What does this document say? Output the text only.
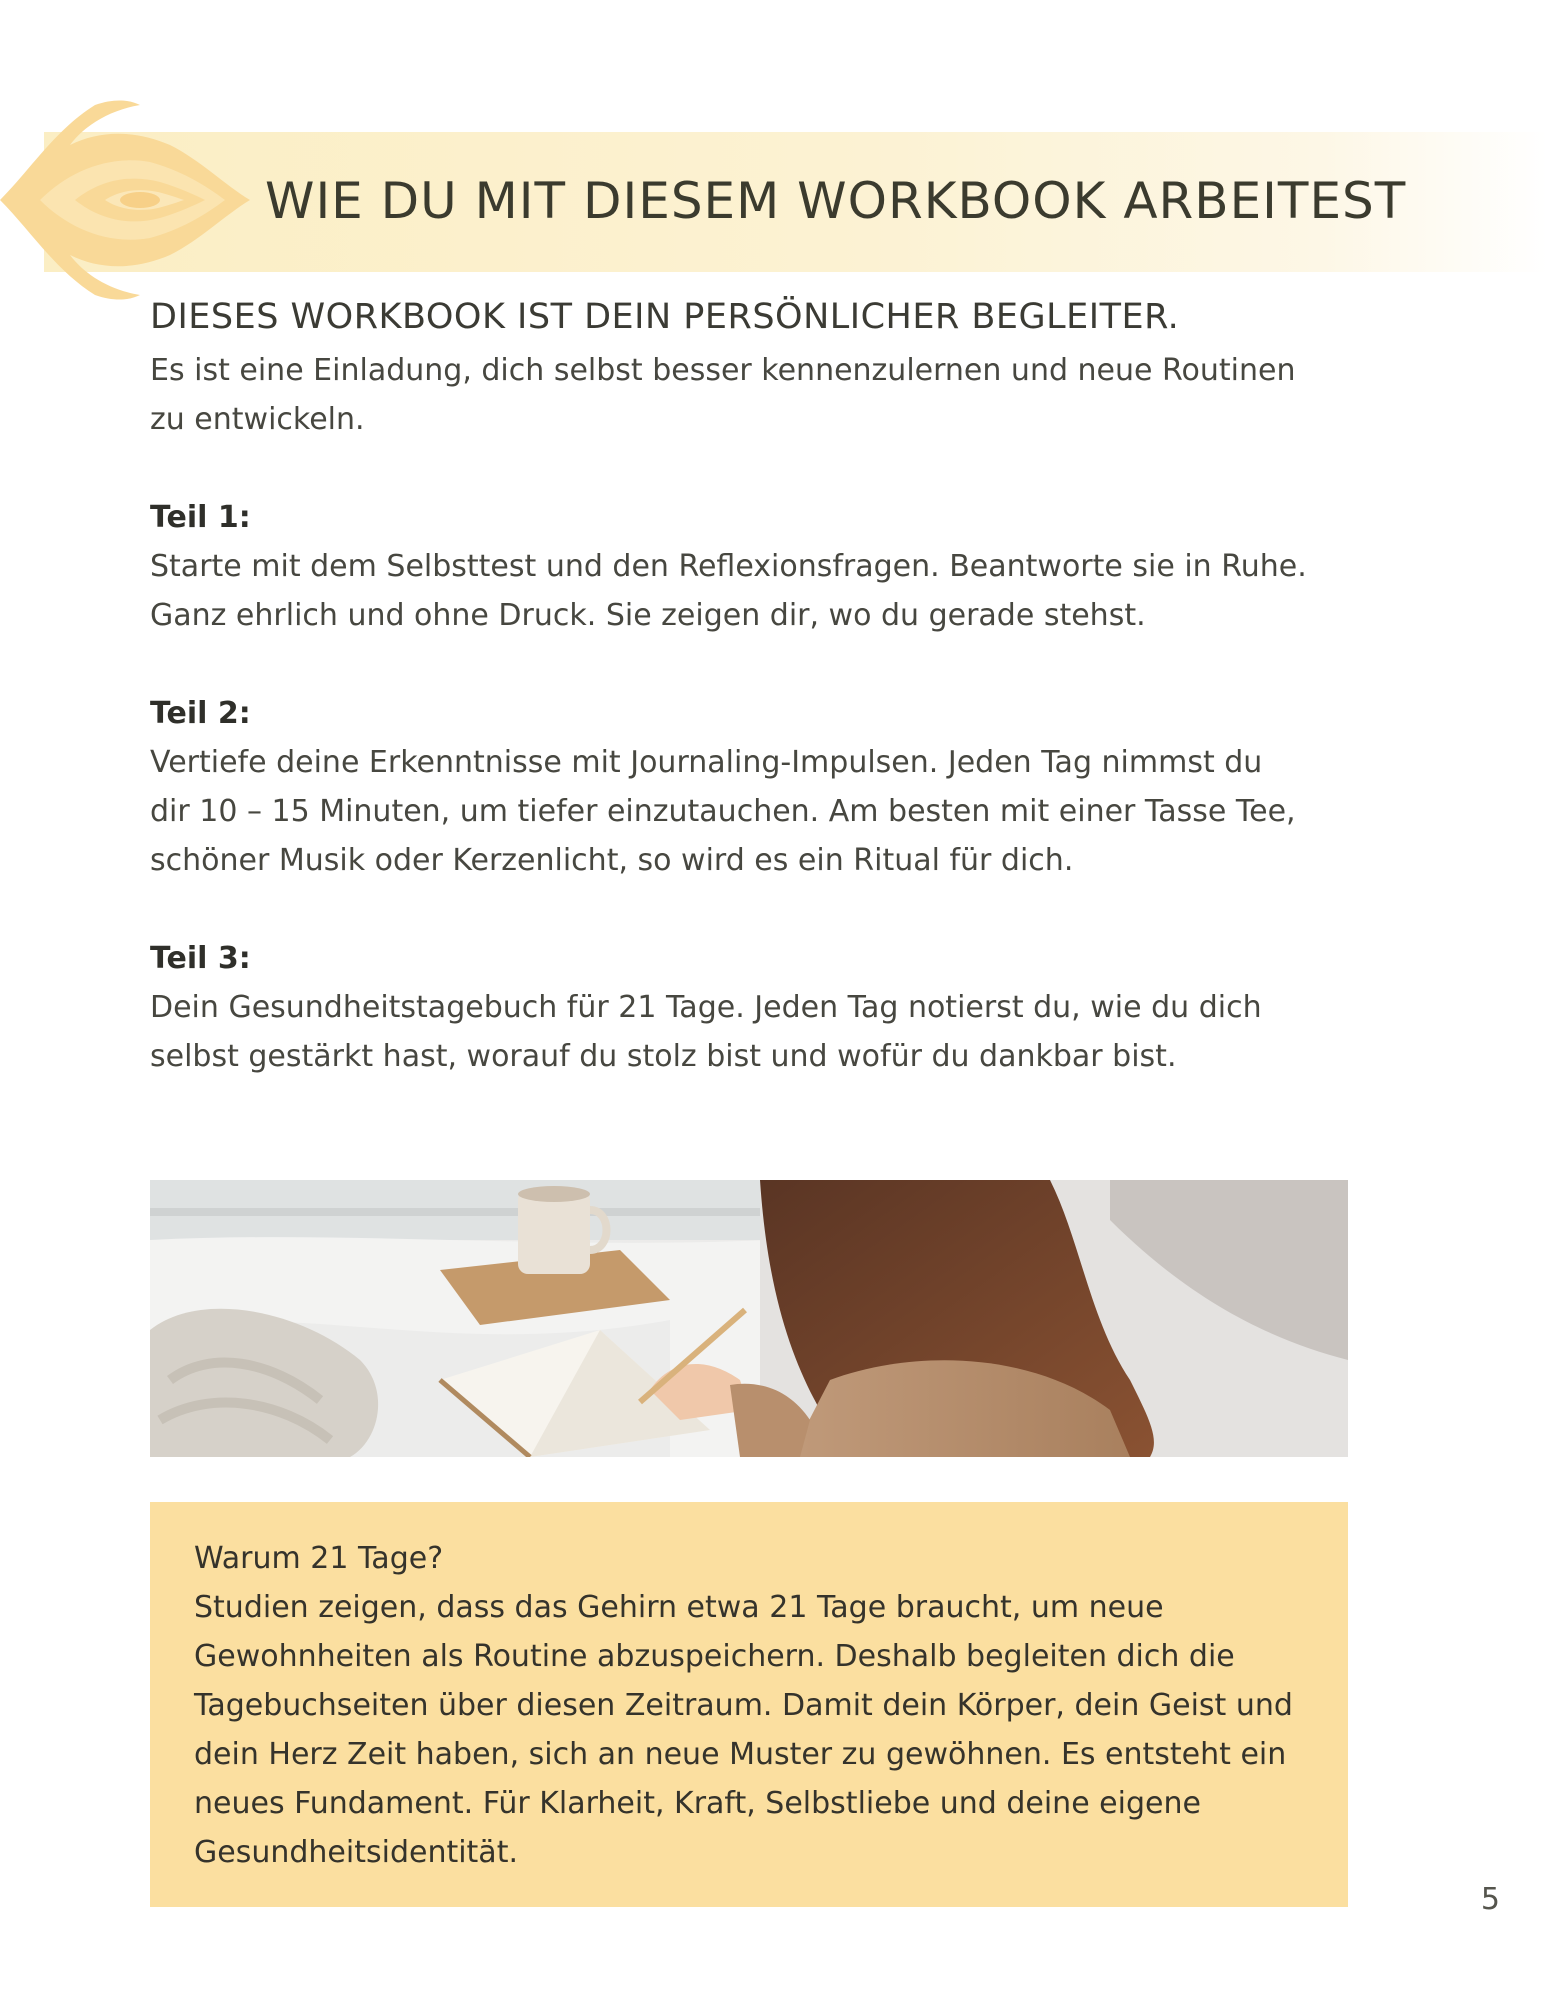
WIE DU MIT DIESEM WORKBOOK ARBEITEST
DIESES WORKBOOK IST DEIN PERSÖNLICHER BEGLEITER.

Es ist eine Einladung, dich selbst besser kennenzulernen und neue Routinen

zu entwickeln.

Teil 1:

Starte mit dem Selbsttest und den Reflexionsfragen. Beantworte sie in Ruhe.

Ganz ehrlich und ohne Druck. Sie zeigen dir, wo du gerade stehst.

Teil 2:

Vertiefe deine Erkenntnisse mit Journaling-Impulsen. Jeden Tag nimmst du

dir 10 – 15 Minuten, um tiefer einzutauchen. Am besten mit einer Tasse Tee,

schöner Musik oder Kerzenlicht, so wird es ein Ritual für dich.

Teil 3:

Dein Gesundheitstagebuch für 21 Tage. Jeden Tag notierst du, wie du dich

selbst gestärkt hast, worauf du stolz bist und wofür du dankbar bist.

Warum 21 Tage?

Studien zeigen, dass das Gehirn etwa 21 Tage braucht, um neue

Gewohnheiten als Routine abzuspeichern. Deshalb begleiten dich die

Tagebuchseiten über diesen Zeitraum. Damit dein Körper, dein Geist und

dein Herz Zeit haben, sich an neue Muster zu gewöhnen. Es entsteht ein

neues Fundament. Für Klarheit, Kraft, Selbstliebe und deine eigene

Gesundheitsidentität.

5
